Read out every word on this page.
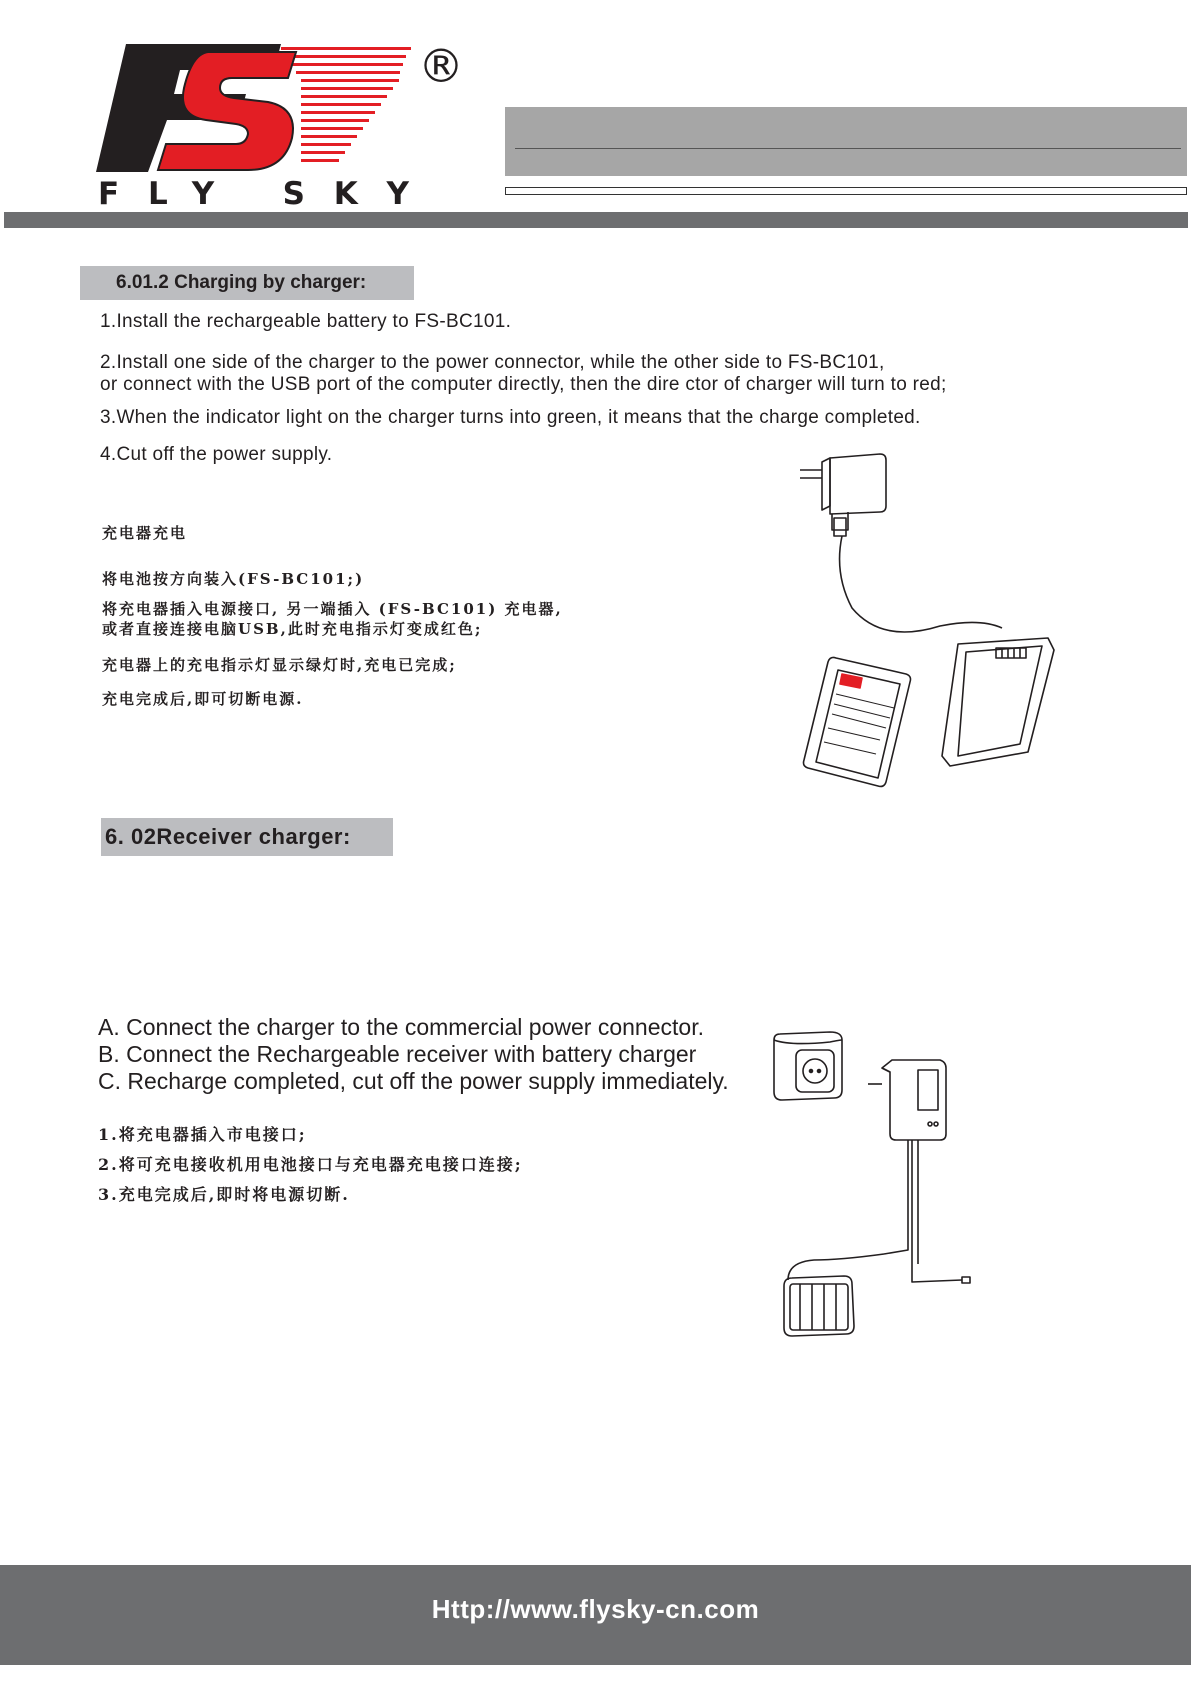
FLY SKY
®
6.01.2 Charging by charger:
1.Install the rechargeable battery to FS-BC101.
2.Install one side of the charger to the power connector, while the other side to FS-BC101,
or connect with the USB port of the computer directly, then the dire ctor of charger will turn to red;
3.When the indicator light on the charger turns into green, it means that the charge completed.
4.Cut off the power supply.
充电器充电
将电池按方向装入(FS-BC101;)
将充电器插入电源接口, 另一端插入 (FS-BC101) 充电器,
或者直接连接电脑USB,此时充电指示灯变成红色;
充电器上的充电指示灯显示绿灯时,充电已完成;
充电完成后,即可切断电源.
6. 02Receiver charger:
A. Connect the charger to the commercial power connector.
B. Connect the Rechargeable receiver with battery charger
C. Recharge completed, cut off the power supply immediately.
1.将充电器插入市电接口;
2.将可充电接收机用电池接口与充电器充电接口连接;
3.充电完成后,即时将电源切断.
Http://www.flysky-cn.com
